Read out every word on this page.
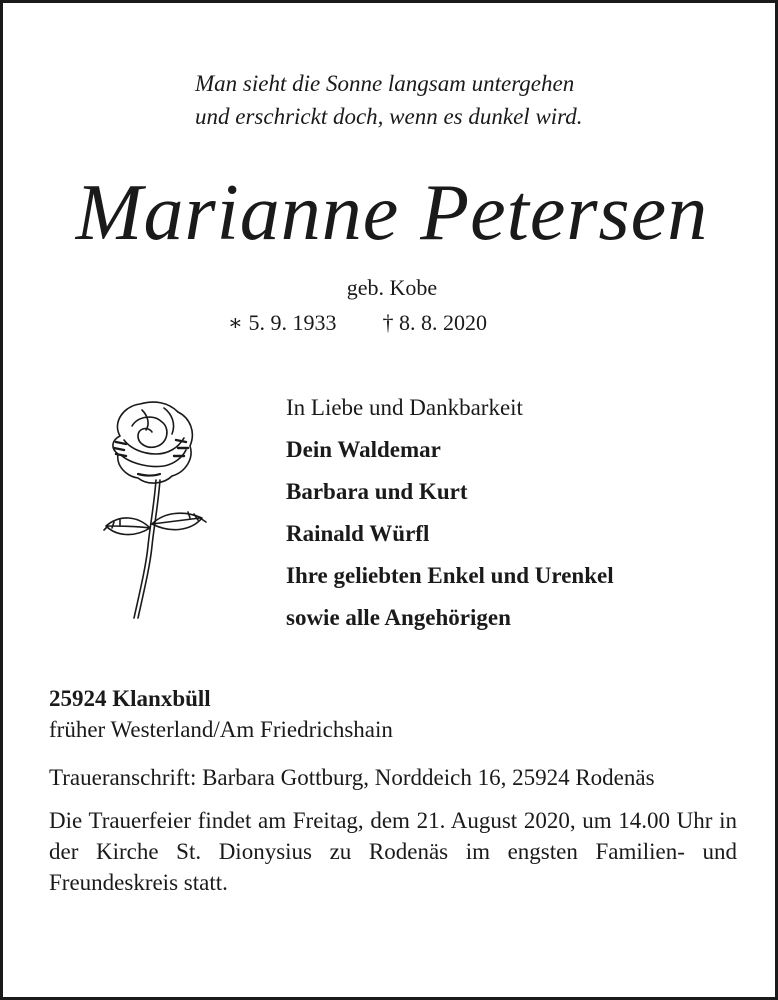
Man sieht die Sonne langsam untergehen
und erschrickt doch, wenn es dunkel wird.
Marianne Petersen
geb. Kobe
∗ 5. 9. 1933 † 8. 8. 2020
In Liebe und Dankbarkeit
Dein Waldemar
Barbara und Kurt
Rainald Würfl
Ihre geliebten Enkel und Urenkel
sowie alle Angehörigen
25924 Klanxbüll
früher Westerland/Am Friedrichshain
Traueranschrift: Barbara Gottburg, Norddeich 16, 25924 Rodenäs
Die Trauerfeier findet am Freitag, dem 21. August 2020, um 14.00 Uhr in der Kirche St. Dionysius zu Rodenäs im engsten Familien- und Freundeskreis statt.
